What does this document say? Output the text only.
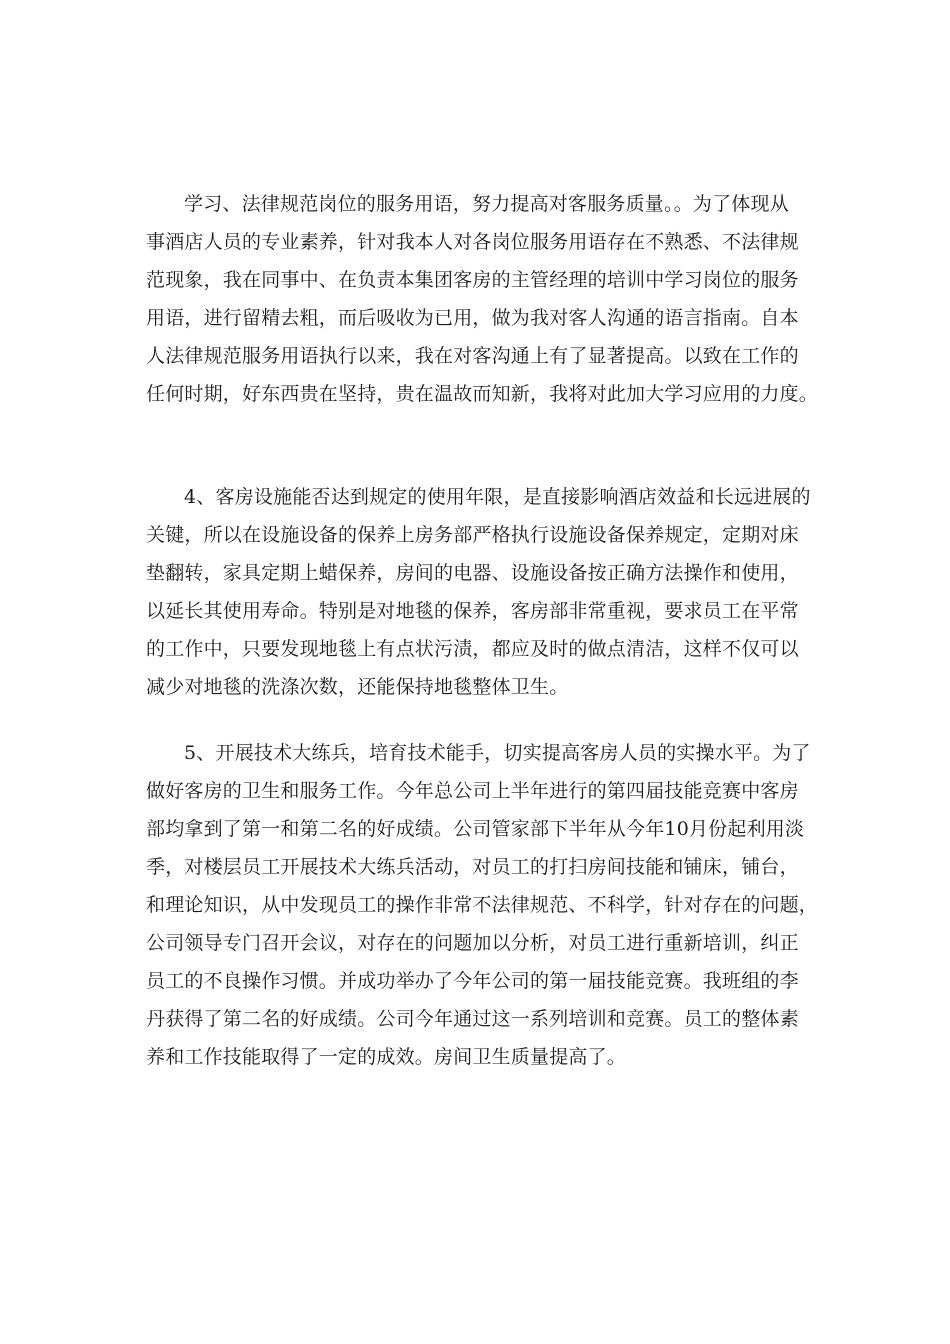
学习、法律规范岗位的服务用语，努力提高对客服务质量。。为了体现从
事酒店人员的专业素养，针对我本人对各岗位服务用语存在不熟悉、不法律规
范现象，我在同事中、在负责本集团客房的主管经理的培训中学习岗位的服务
用语，进行留精去粗，而后吸收为已用，做为我对客人沟通的语言指南。自本
人法律规范服务用语执行以来，我在对客沟通上有了显著提高。以致在工作的
任何时期，好东西贵在坚持，贵在温故而知新，我将对此加大学习应用的力度。
4、客房设施能否达到规定的使用年限，是直接影响酒店效益和长远进展的
关键，所以在设施设备的保养上房务部严格执行设施设备保养规定，定期对床
垫翻转，家具定期上蜡保养，房间的电器、设施设备按正确方法操作和使用，
以延长其使用寿命。特别是对地毯的保养，客房部非常重视，要求员工在平常
的工作中，只要发现地毯上有点状污渍，都应及时的做点清洁，这样不仅可以
减少对地毯的洗涤次数，还能保持地毯整体卫生。
5、开展技术大练兵，培育技术能手，切实提高客房人员的实操水平。为了
做好客房的卫生和服务工作。今年总公司上半年进行的第四届技能竞赛中客房
部均拿到了第一和第二名的好成绩。公司管家部下半年从今年10月份起利用淡
季，对楼层员工开展技术大练兵活动，对员工的打扫房间技能和铺床，铺台，
和理论知识，从中发现员工的操作非常不法律规范、不科学，针对存在的问题，
公司领导专门召开会议，对存在的问题加以分析，对员工进行重新培训，纠正
员工的不良操作习惯。并成功举办了今年公司的第一届技能竞赛。我班组的李
丹获得了第二名的好成绩。公司今年通过这一系列培训和竞赛。员工的整体素
养和工作技能取得了一定的成效。房间卫生质量提高了。
